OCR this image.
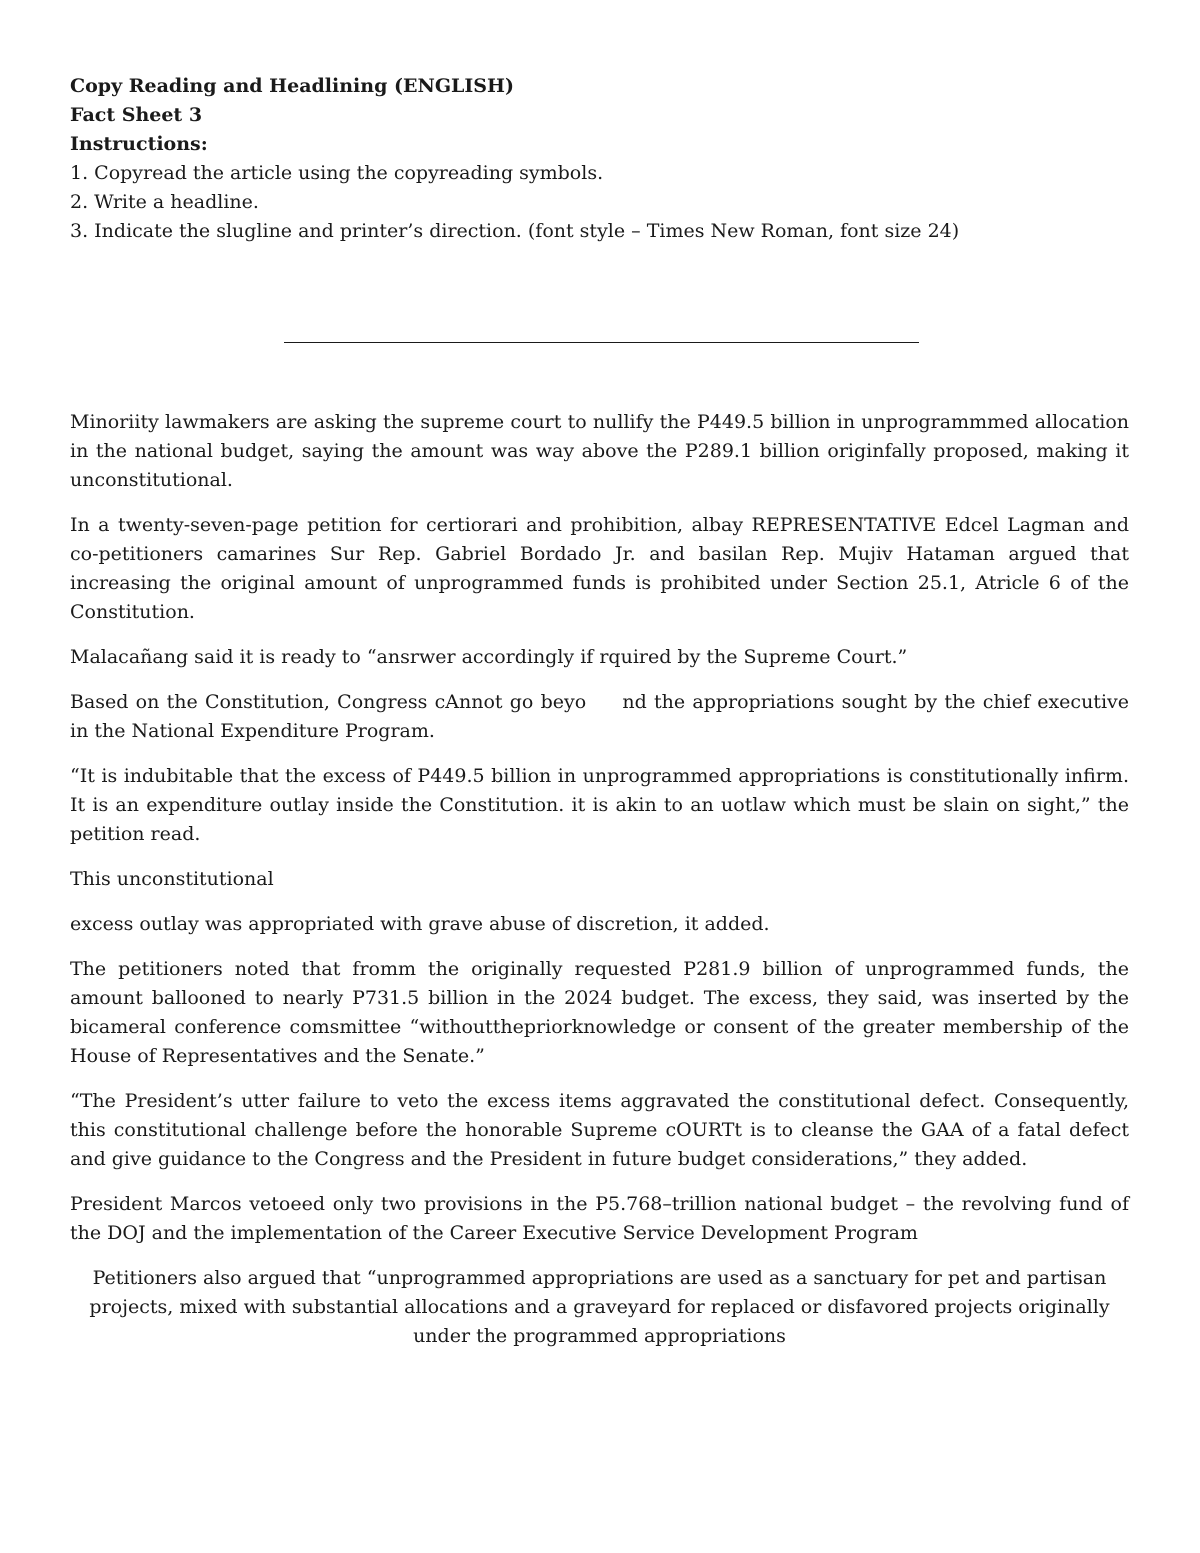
Copy Reading and Headlining (ENGLISH)
Fact Sheet 3
Instructions:
1. Copyread the article using the copyreading symbols.
2. Write a headline.
3. Indicate the slugline and printer’s direction. (font style – Times New Roman, font size 24)

Minoriity lawmakers are asking the supreme court to nullify the P449.5 billion in unprogrammmed allocation in the national budget, saying the amount was way above the P289.1 billion originfally proposed, making it unconstitutional.

In a twenty-seven-page petition for certiorari and prohibition, albay REPRESENTATIVE Edcel Lagman and co-petitioners camarines Sur Rep. Gabriel Bordado Jr. and basilan Rep. Mujiv Hataman argued that increasing the original amount of unprogrammed funds is prohibited under Section 25.1, Atricle 6 of the Constitution.

Malacañang said it is ready to “ansrwer accordingly if rquired by the Supreme Court.”

Based on the Constitution, Congress cAnnot go beyo     nd the appropriations sought by the chief executive in the National Expenditure Program.

“It is indubitable that the excess of P449.5 billion in unprogrammed appropriations is constitutionally infirm. It is an expenditure outlay inside the Constitution. it is akin to an uotlaw which must be slain on sight,” the petition read.

This unconstitutional

excess outlay was appropriated with grave abuse of discretion, it added.

The petitioners noted that fromm the originally requested P281.9 billion of unprogrammed funds, the amount ballooned to nearly P731.5 billion in the 2024 budget. The excess, they said, was inserted by the bicameral conference comsmittee “withoutthepriorknowledge or consent of the greater membership of the House of Representatives and the Senate.”

“The President’s utter failure to veto the excess items aggravated the constitutional defect. Consequently, this constitutional challenge before the honorable Supreme cOURTt is to cleanse the GAA of a fatal defect and give guidance to the Congress and the President in future budget considerations,” they added.

President Marcos vetoeed only two provisions in the P5.768–trillion national budget – the revolving fund of the DOJ and the implementation of the Career Executive Service Development Program

Petitioners also argued that “unprogrammed appropriations are used as a sanctuary for pet and partisan projects, mixed with substantial allocations and a graveyard for replaced or disfavored projects originally under the programmed appropriations
